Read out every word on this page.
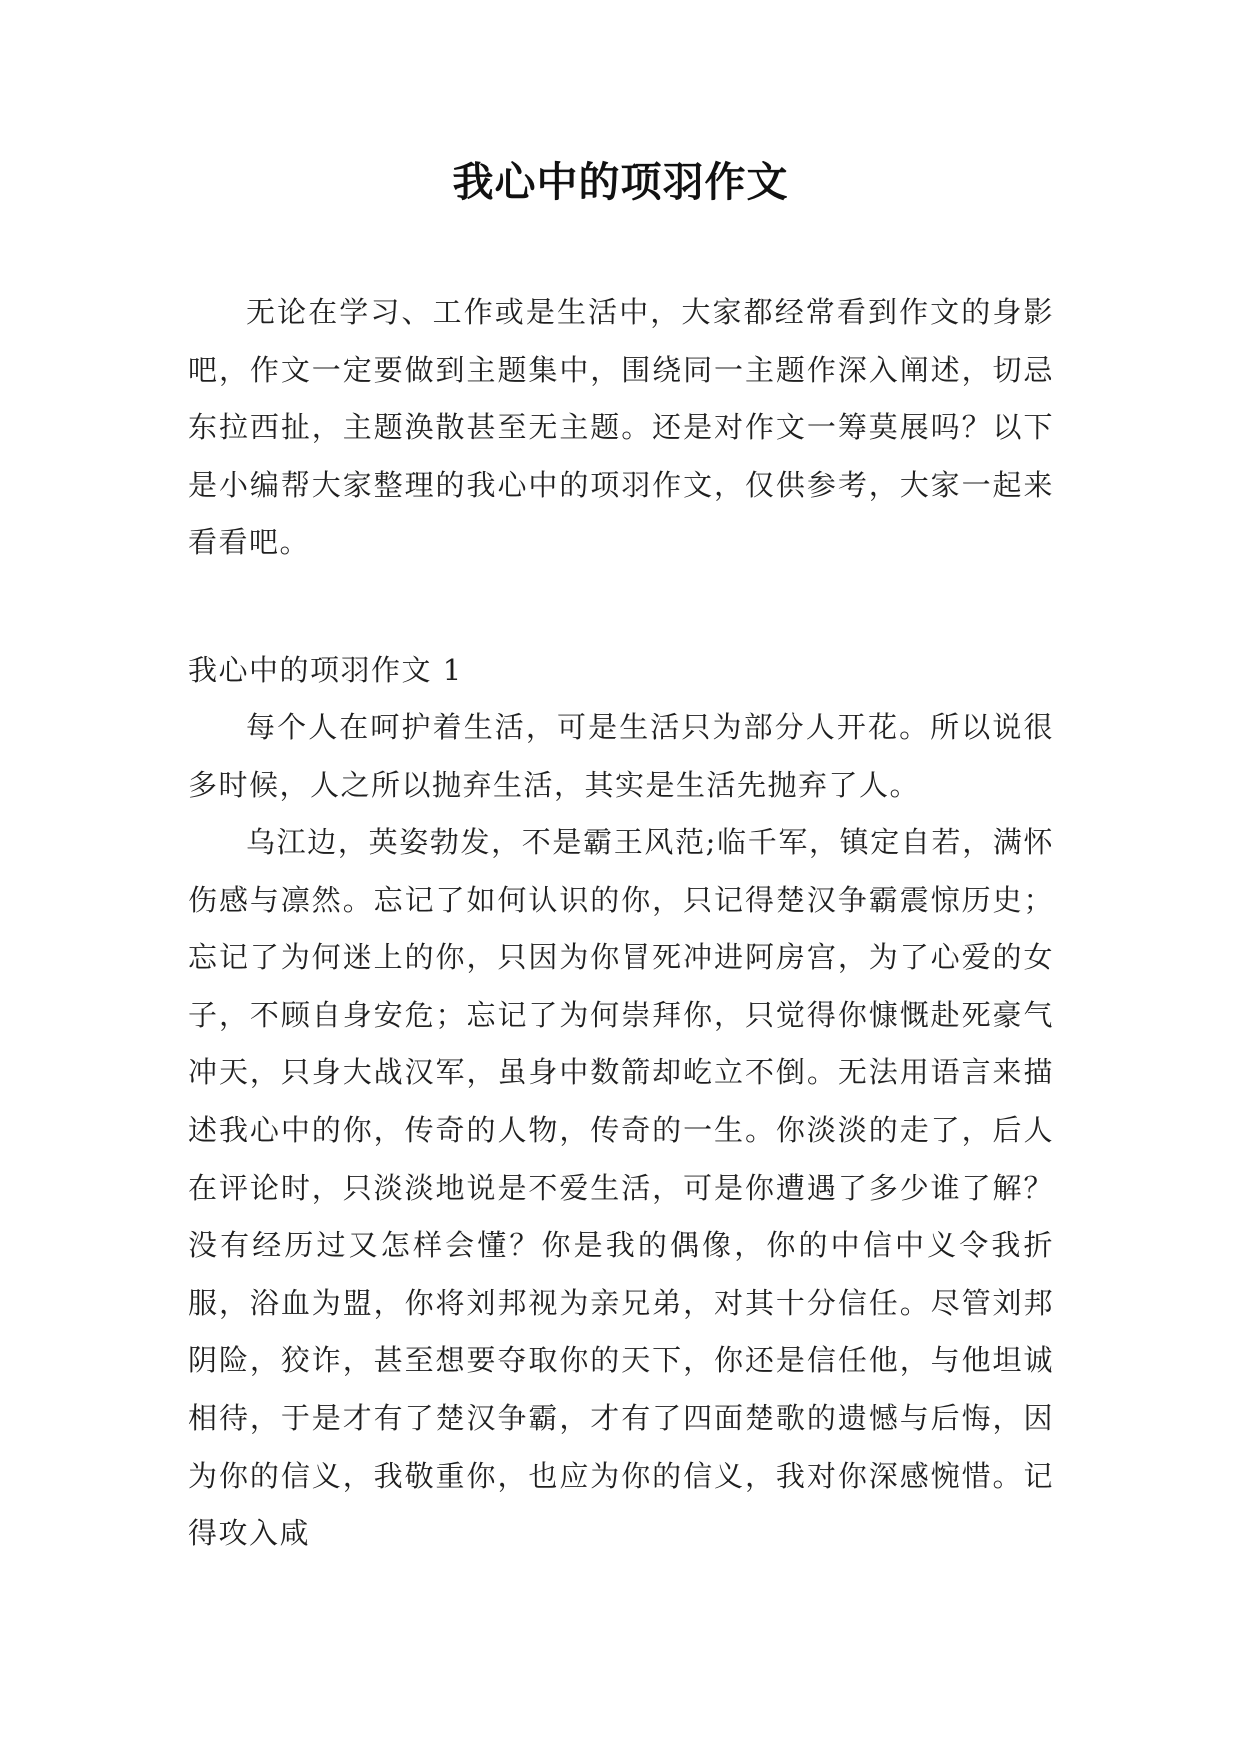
我心中的项羽作文

无论在学习、工作或是生活中，大家都经常看到作文的身影吧，作文一定要做到主题集中，围绕同一主题作深入阐述，切忌东拉西扯，主题涣散甚至无主题。还是对作文一筹莫展吗？以下是小编帮大家整理的我心中的项羽作文，仅供参考，大家一起来看看吧。

我心中的项羽作文 1

每个人在呵护着生活，可是生活只为部分人开花。所以说很多时候，人之所以抛弃生活，其实是生活先抛弃了人。

乌江边，英姿勃发，不是霸王风范;临千军，镇定自若，满怀伤感与凛然。忘记了如何认识的你，只记得楚汉争霸震惊历史；忘记了为何迷上的你，只因为你冒死冲进阿房宫，为了心爱的女子，不顾自身安危；忘记了为何崇拜你，只觉得你慷慨赴死豪气冲天，只身大战汉军，虽身中数箭却屹立不倒。无法用语言来描述我心中的你，传奇的人物，传奇的一生。你淡淡的走了，后人在评论时，只淡淡地说是不爱生活，可是你遭遇了多少谁了解？没有经历过又怎样会懂？你是我的偶像，你的中信中义令我折服，浴血为盟，你将刘邦视为亲兄弟，对其十分信任。尽管刘邦阴险，狡诈，甚至想要夺取你的天下，你还是信任他，与他坦诚相待，于是才有了楚汉争霸，才有了四面楚歌的遗憾与后悔，因为你的信义，我敬重你，也应为你的信义，我对你深感惋惜。记得攻入咸
